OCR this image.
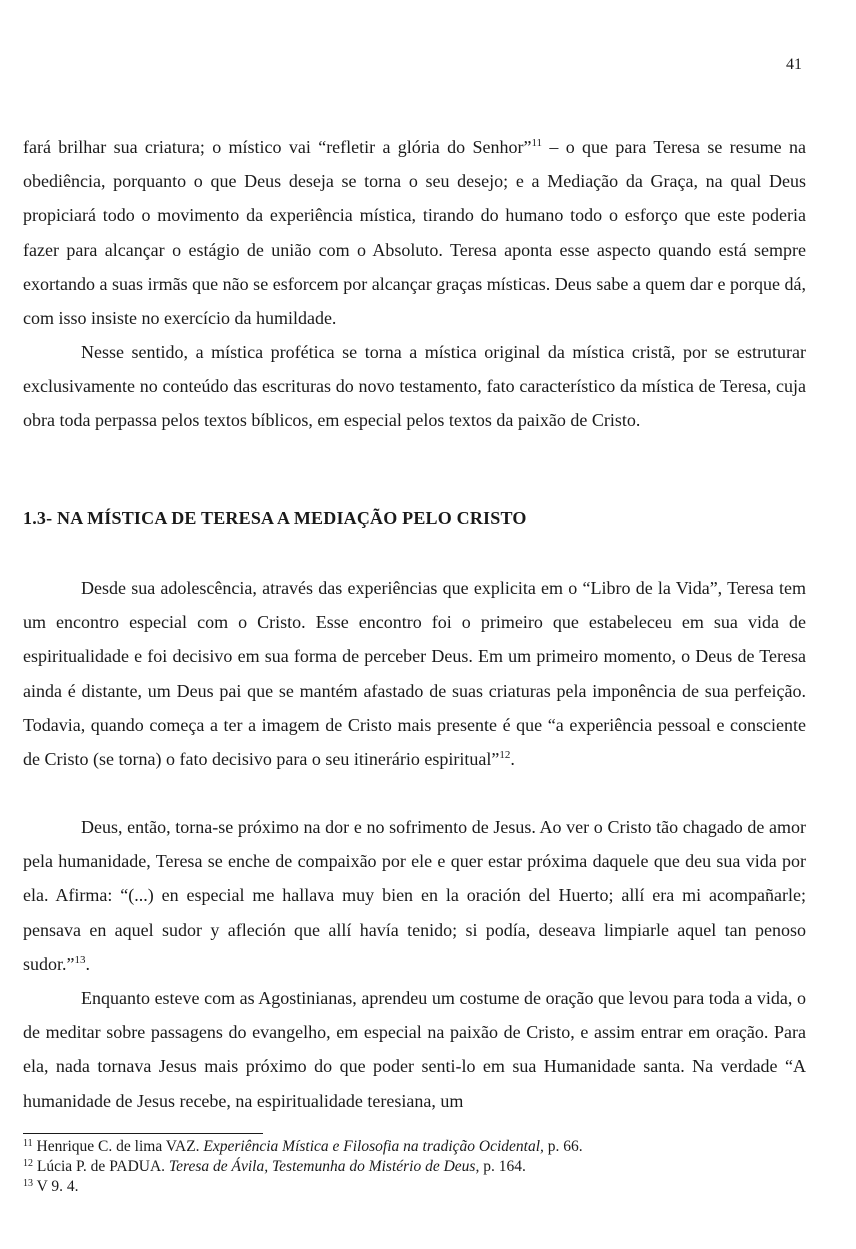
41

fará brilhar sua criatura; o místico vai “refletir a glória do Senhor”$^{11}$ – o que para Teresa se resume na obediência, porquanto o que Deus deseja se torna o seu desejo; e a Mediação da Graça, na qual Deus propiciará todo o movimento da experiência mística, tirando do humano todo o esforço que este poderia fazer para alcançar o estágio de união com o Absoluto. Teresa aponta esse aspecto quando está sempre exortando a suas irmãs que não se esforcem por alcançar graças místicas. Deus sabe a quem dar e porque dá, com isso insiste no exercício da humildade.

Nesse sentido, a mística profética se torna a mística original da mística cristã, por se estruturar exclusivamente no conteúdo das escrituras do novo testamento, fato característico da mística de Teresa, cuja obra toda perpassa pelos textos bíblicos, em especial pelos textos da paixão de Cristo.

1.3- NA MÍSTICA DE TERESA A MEDIAÇÃO PELO CRISTO

Desde sua adolescência, através das experiências que explicita em o “Libro de la Vida”, Teresa tem um encontro especial com o Cristo. Esse encontro foi o primeiro que estabeleceu em sua vida de espiritualidade e foi decisivo em sua forma de perceber Deus. Em um primeiro momento, o Deus de Teresa ainda é distante, um Deus pai que se mantém afastado de suas criaturas pela imponência de sua perfeição. Todavia, quando começa a ter a imagem de Cristo mais presente é que “a experiência pessoal e consciente de Cristo (se torna) o fato decisivo para o seu itinerário espiritual”$^{12}$.

Deus, então, torna-se próximo na dor e no sofrimento de Jesus. Ao ver o Cristo tão chagado de amor pela humanidade, Teresa se enche de compaixão por ele e quer estar próxima daquele que deu sua vida por ela. Afirma: “(...) en especial me hallava muy bien en la oración del Huerto; allí era mi acompañarle; pensava en aquel sudor y afleción que allí havía tenido; si podía, deseava limpiarle aquel tan penoso sudor.”$^{13}$.

Enquanto esteve com as Agostinianas, aprendeu um costume de oração que levou para toda a vida, o de meditar sobre passagens do evangelho, em especial na paixão de Cristo, e assim entrar em oração. Para ela, nada tornava Jesus mais próximo do que poder senti-lo em sua Humanidade santa. Na verdade “A humanidade de Jesus recebe, na espiritualidade teresiana, um

$^{11}$ Henrique C. de lima VAZ. Experiência Mística e Filosofia na tradição Ocidental, p. 66.

$^{12}$ Lúcia P. de PADUA. Teresa de Ávila, Testemunha do Mistério de Deus, p. 164.

$^{13}$ V 9. 4.
